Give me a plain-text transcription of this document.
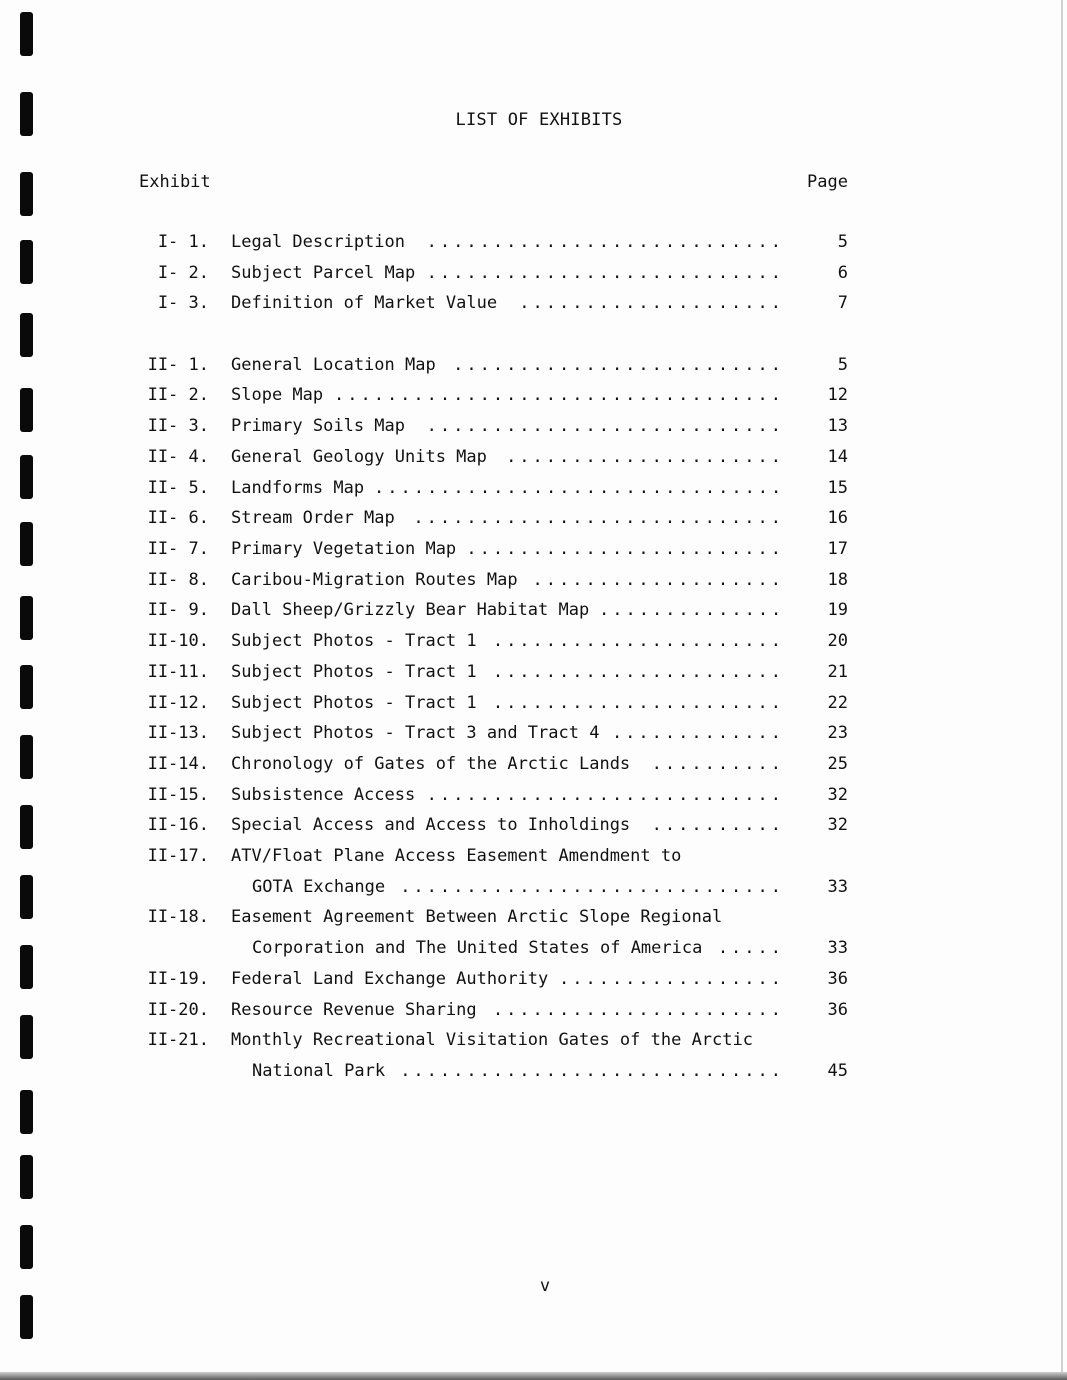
LIST OF EXHIBITS
Exhibit	Page
I- 1. Legal Description	...........................	5
I- 2. Subject Parcel Map ...........................	6
I- 3. Definition of Market Value	....................	7
II- 1. General Location Map	.........................	5
II- 2. Slope Map ..................................	12
II- 3. Primary Soils Map	...........................	13
II- 4. General Geology Units Map	.....................	14
II- 5. Landforms Map ...............................	15
II- 6. Stream Order Map	............................	16
II- 7. Primary Vegetation Map ........................	17
II- 8. Caribou-Migration Routes Map ...................	18
II- 9. Dall Sheep/Grizzly Bear Habitat Map ..............	19
II-10. Subject Photos - Tract 1 ......................	20
II-11. Subject Photos - Tract 1 ......................	21
II-12. Subject Photos - Tract 1 ......................	22
II-13. Subject Photos - Tract 3 and Tract 4 .............	23
II-14. Chronology of Gates of the Arctic Lands	..........	25
II-15. Subsistence Access ...........................	32
II-16. Special Access and Access to Inholdings	..........	32
II-17. ATV/Float Plane Access Easement Amendment to
GOTA Exchange .............................	33
II-18. Easement Agreement Between Arctic Slope Regional
Corporation and The United States of America .....	33
II-19. Federal Land Exchange Authority .................	36
II-20. Resource Revenue Sharing ......................	36
II-21. Monthly Recreational Visitation Gates of the Arctic
National Park .............................	45
v
